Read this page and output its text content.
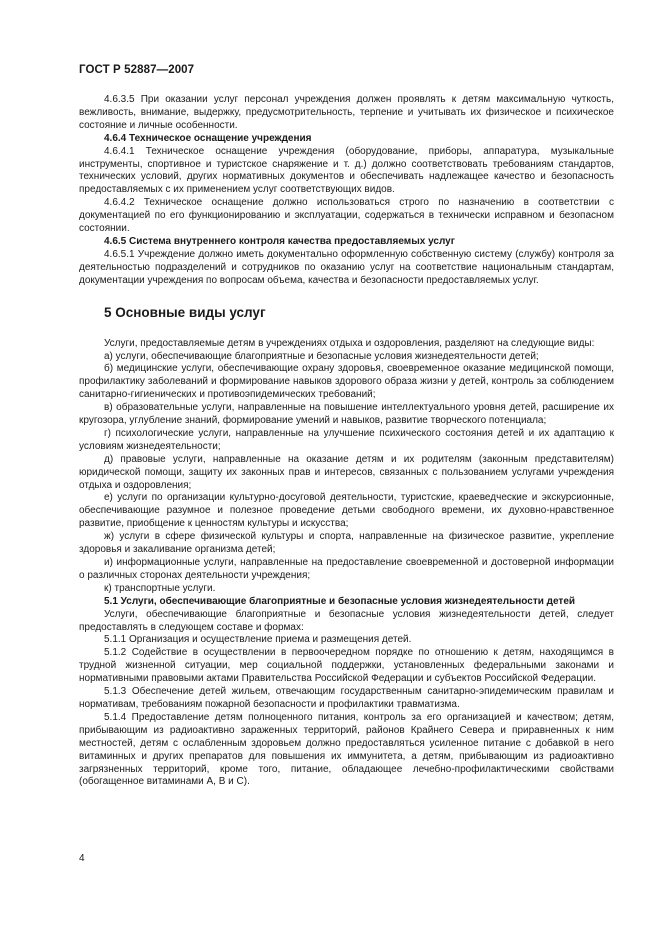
ГОСТ Р 52887—2007

4.6.3.5 При оказании услуг персонал учреждения должен проявлять к детям максимальную чуткость, вежливость, внимание, выдержку, предусмотрительность, терпение и учитывать их физическое и психическое состояние и личные особенности.

4.6.4 Техническое оснащение учреждения

4.6.4.1 Техническое оснащение учреждения (оборудование, приборы, аппаратура, музыкальные инструменты, спортивное и туристское снаряжение и т. д.) должно соответствовать требованиям стандартов, технических условий, других нормативных документов и обеспечивать надлежащее качество и безопасность предоставляемых с их применением услуг соответствующих видов.

4.6.4.2 Техническое оснащение должно использоваться строго по назначению в соответствии с документацией по его функционированию и эксплуатации, содержаться в технически исправном и безопасном состоянии.

4.6.5 Система внутреннего контроля качества предоставляемых услуг

4.6.5.1 Учреждение должно иметь документально оформленную собственную систему (службу) контроля за деятельностью подразделений и сотрудников по оказанию услуг на соответствие национальным стандартам, документации учреждения по вопросам объема, качества и безопасности предоставляемых услуг.

5 Основные виды услуг

Услуги, предоставляемые детям в учреждениях отдыха и оздоровления, разделяют на следующие виды:

а) услуги, обеспечивающие благоприятные и безопасные условия жизнедеятельности детей;

б) медицинские услуги, обеспечивающие охрану здоровья, своевременное оказание медицинской помощи, профилактику заболеваний и формирование навыков здорового образа жизни у детей, контроль за соблюдением санитарно-гигиенических и противоэпидемических требований;

в) образовательные услуги, направленные на повышение интеллектуального уровня детей, расширение их кругозора, углубление знаний, формирование умений и навыков, развитие творческого потенциала;

г) психологические услуги, направленные на улучшение психического состояния детей и их адаптацию к условиям жизнедеятельности;

д) правовые услуги, направленные на оказание детям и их родителям (законным представителям) юридической помощи, защиту их законных прав и интересов, связанных с пользованием услугами учреждения отдыха и оздоровления;

е) услуги по организации культурно-досуговой деятельности, туристские, краеведческие и экскурсионные, обеспечивающие разумное и полезное проведение детьми свободного времени, их духовно-нравственное развитие, приобщение к ценностям культуры и искусства;

ж) услуги в сфере физической культуры и спорта, направленные на физическое развитие, укрепление здоровья и закаливание организма детей;

и) информационные услуги, направленные на предоставление своевременной и достоверной информации о различных сторонах деятельности учреждения;

к) транспортные услуги.

5.1 Услуги, обеспечивающие благоприятные и безопасные условия жизнедеятельности детей

Услуги, обеспечивающие благоприятные и безопасные условия жизнедеятельности детей, следует предоставлять в следующем составе и формах:

5.1.1 Организация и осуществление приема и размещения детей.

5.1.2 Содействие в осуществлении в первоочередном порядке по отношению к детям, находящимся в трудной жизненной ситуации, мер социальной поддержки, установленных федеральными законами и нормативными правовыми актами Правительства Российской Федерации и субъектов Российской Федерации.

5.1.3 Обеспечение детей жильем, отвечающим государственным санитарно-эпидемическим правилам и нормативам, требованиям пожарной безопасности и профилактики травматизма.

5.1.4 Предоставление детям полноценного питания, контроль за его организацией и качеством; детям, прибывающим из радиоактивно зараженных территорий, районов Крайнего Севера и приравненных к ним местностей, детям с ослабленным здоровьем должно предоставляться усиленное питание с добавкой в него витаминных и других препаратов для повышения их иммунитета, а детям, прибывающим из радиоактивно загрязненных территорий, кроме того, питание, обладающее лечебно-профилактическими свойствами (обогащенное витаминами А, В и С).

4
